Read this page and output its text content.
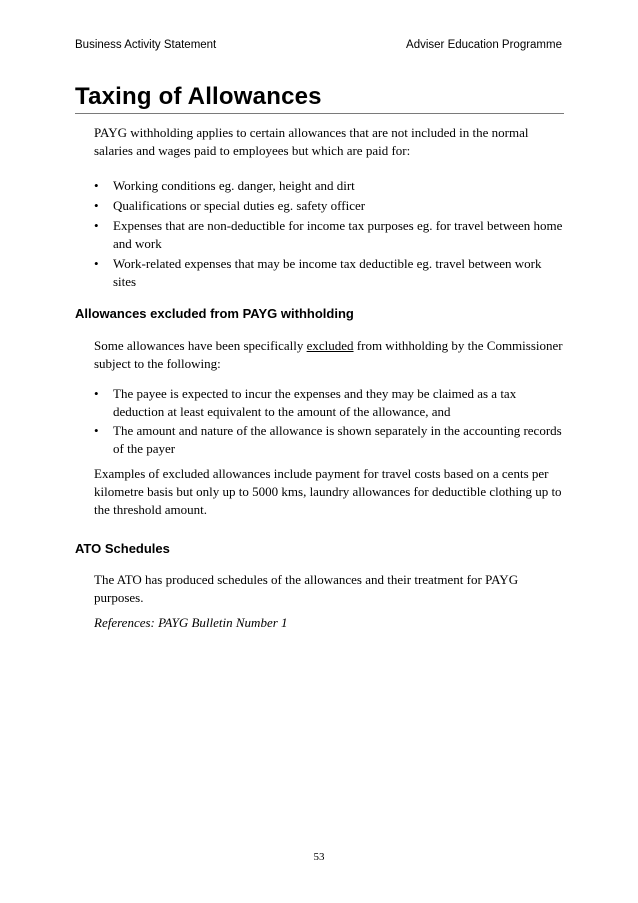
Business Activity Statement	Adviser Education Programme
Taxing of Allowances

PAYG withholding applies to certain allowances that are not included in the normal salaries and wages paid to employees but which are paid for:

•	Working conditions eg. danger, height and dirt
•	Qualifications or special duties eg. safety officer
•	Expenses that are non-deductible for income tax purposes eg. for travel between home and work
•	Work-related expenses that may be income tax deductible eg. travel between work sites
Allowances excluded from PAYG withholding

Some allowances have been specifically excluded from withholding by the Commissioner subject to the following:

•	The payee is expected to incur the expenses and they may be claimed as a tax deduction at least equivalent to the amount of the allowance, and
•	The amount and nature of the allowance is shown separately in the accounting records of the payer

Examples of excluded allowances include payment for travel costs based on a cents per kilometre basis but only up to 5000 kms, laundry allowances for deductible clothing up to the threshold amount.

ATO Schedules

The ATO has produced schedules of the allowances and their treatment for PAYG purposes.

References: PAYG Bulletin Number 1

53
